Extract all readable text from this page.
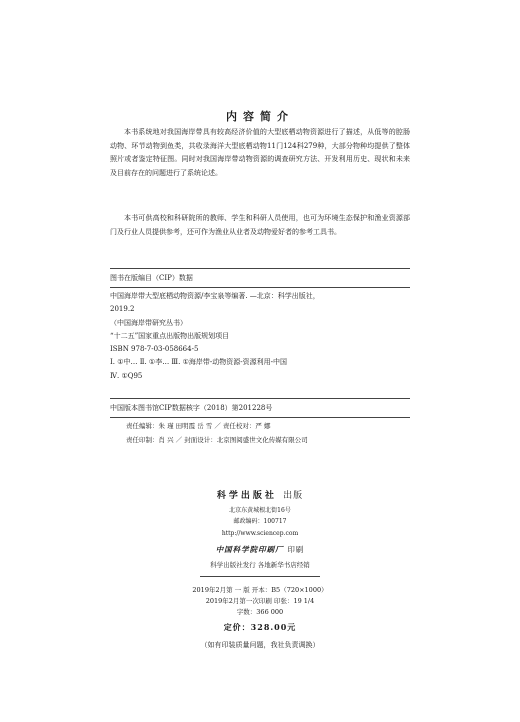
内容简介

本书系统地对我国海岸带具有较高经济价值的大型底栖动物资源进行了描述，从低等的腔肠动物、环节动物到鱼类，共收录海洋大型底栖动物11门124科279种，大部分物种均提供了整体照片或者鉴定特征图。同时对我国海岸带动物资源的调查研究方法、开发利用历史、现状和未来及目前存在的问题进行了系统论述。

本书可供高校和科研院所的教师、学生和科研人员使用，也可为环境生态保护和渔业资源部门及行业人员提供参考，还可作为渔业从业者及动物爱好者的参考工具书。

图书在版编目（CIP）数据
中国海岸带大型底栖动物资源/李宝泉等编著. —北京：科学出版社，
2019.2
（中国海岸带研究丛书）
“十二五”国家重点出版物出版规划项目
ISBN 978-7-03-058664-5
Ⅰ. ①中… Ⅱ. ①李… Ⅲ. ①海岸带-动物资源-资源利用-中国
Ⅳ. ①Q95
中国版本图书馆CIP数据核字（2018）第201228号
责任编辑：朱 瑾 田明霞 岳 雪 ／ 责任校对：严 娜
责任印制：肖 兴 ／ 封面设计：北京图阅盛世文化传媒有限公司
科学出版社 出版
北京东黄城根北街16号
邮政编码：100717
http://www.sciencep.com
中国科学院印刷厂 印刷
科学出版社发行 各地新华书店经销
2019年2月第 一 版 开本：B5（720×1000）
2019年2月第一次印刷 印张：19 1/4
字数：366 000
定价：328.00元
（如有印装质量问题，我社负责调换）
